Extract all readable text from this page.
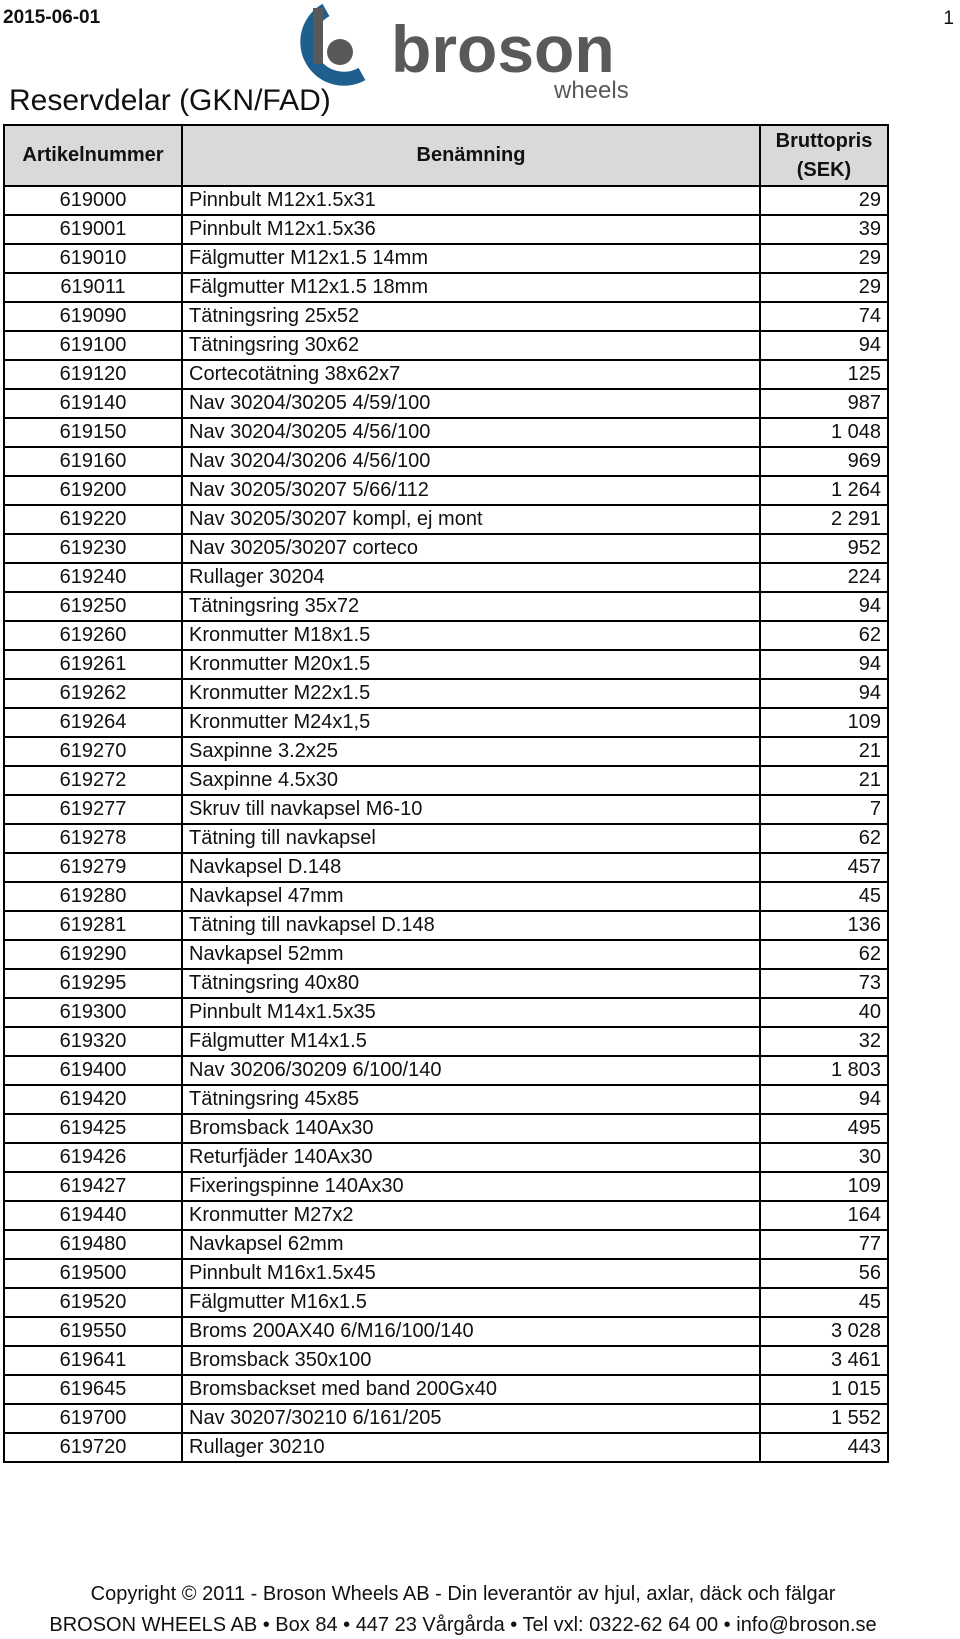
2015-06-01	1
broson
wheels
Reservdelar (GKN/FAD)
Artikelnummer	Benämning	Bruttopris
(SEK)
619000	Pinnbult M12x1.5x31	29
619001	Pinnbult M12x1.5x36	39
619010	Fälgmutter M12x1.5 14mm	29
619011	Fälgmutter M12x1.5 18mm	29
619090	Tätningsring 25x52	74
619100	Tätningsring 30x62	94
619120	Cortecotätning 38x62x7	125
619140	Nav 30204/30205 4/59/100	987
619150	Nav 30204/30205 4/56/100	1 048
619160	Nav 30204/30206 4/56/100	969
619200	Nav 30205/30207 5/66/112	1 264
619220	Nav 30205/30207 kompl, ej mont	2 291
619230	Nav 30205/30207 corteco	952
619240	Rullager 30204	224
619250	Tätningsring 35x72	94
619260	Kronmutter M18x1.5	62
619261	Kronmutter M20x1.5	94
619262	Kronmutter M22x1.5	94
619264	Kronmutter M24x1,5	109
619270	Saxpinne 3.2x25	21
619272	Saxpinne 4.5x30	21
619277	Skruv till navkapsel M6-10	7
619278	Tätning till navkapsel	62
619279	Navkapsel D.148	457
619280	Navkapsel 47mm	45
619281	Tätning till navkapsel D.148	136
619290	Navkapsel 52mm	62
619295	Tätningsring 40x80	73
619300	Pinnbult M14x1.5x35	40
619320	Fälgmutter M14x1.5	32
619400	Nav 30206/30209 6/100/140	1 803
619420	Tätningsring 45x85	94
619425	Bromsback 140Ax30	495
619426	Returfjäder 140Ax30	30
619427	Fixeringspinne 140Ax30	109
619440	Kronmutter M27x2	164
619480	Navkapsel 62mm	77
619500	Pinnbult M16x1.5x45	56
619520	Fälgmutter M16x1.5	45
619550	Broms 200AX40 6/M16/100/140	3 028
619641	Bromsback 350x100	3 461
619645	Bromsbackset med band 200Gx40	1 015
619700	Nav 30207/30210 6/161/205	1 552
619720	Rullager 30210	443
Copyright © 2011 - Broson Wheels AB - Din leverantör av hjul, axlar, däck och fälgar
BROSON WHEELS AB • Box 84 • 447 23 Vårgårda • Tel vxl: 0322-62 64 00 • info@broson.se
